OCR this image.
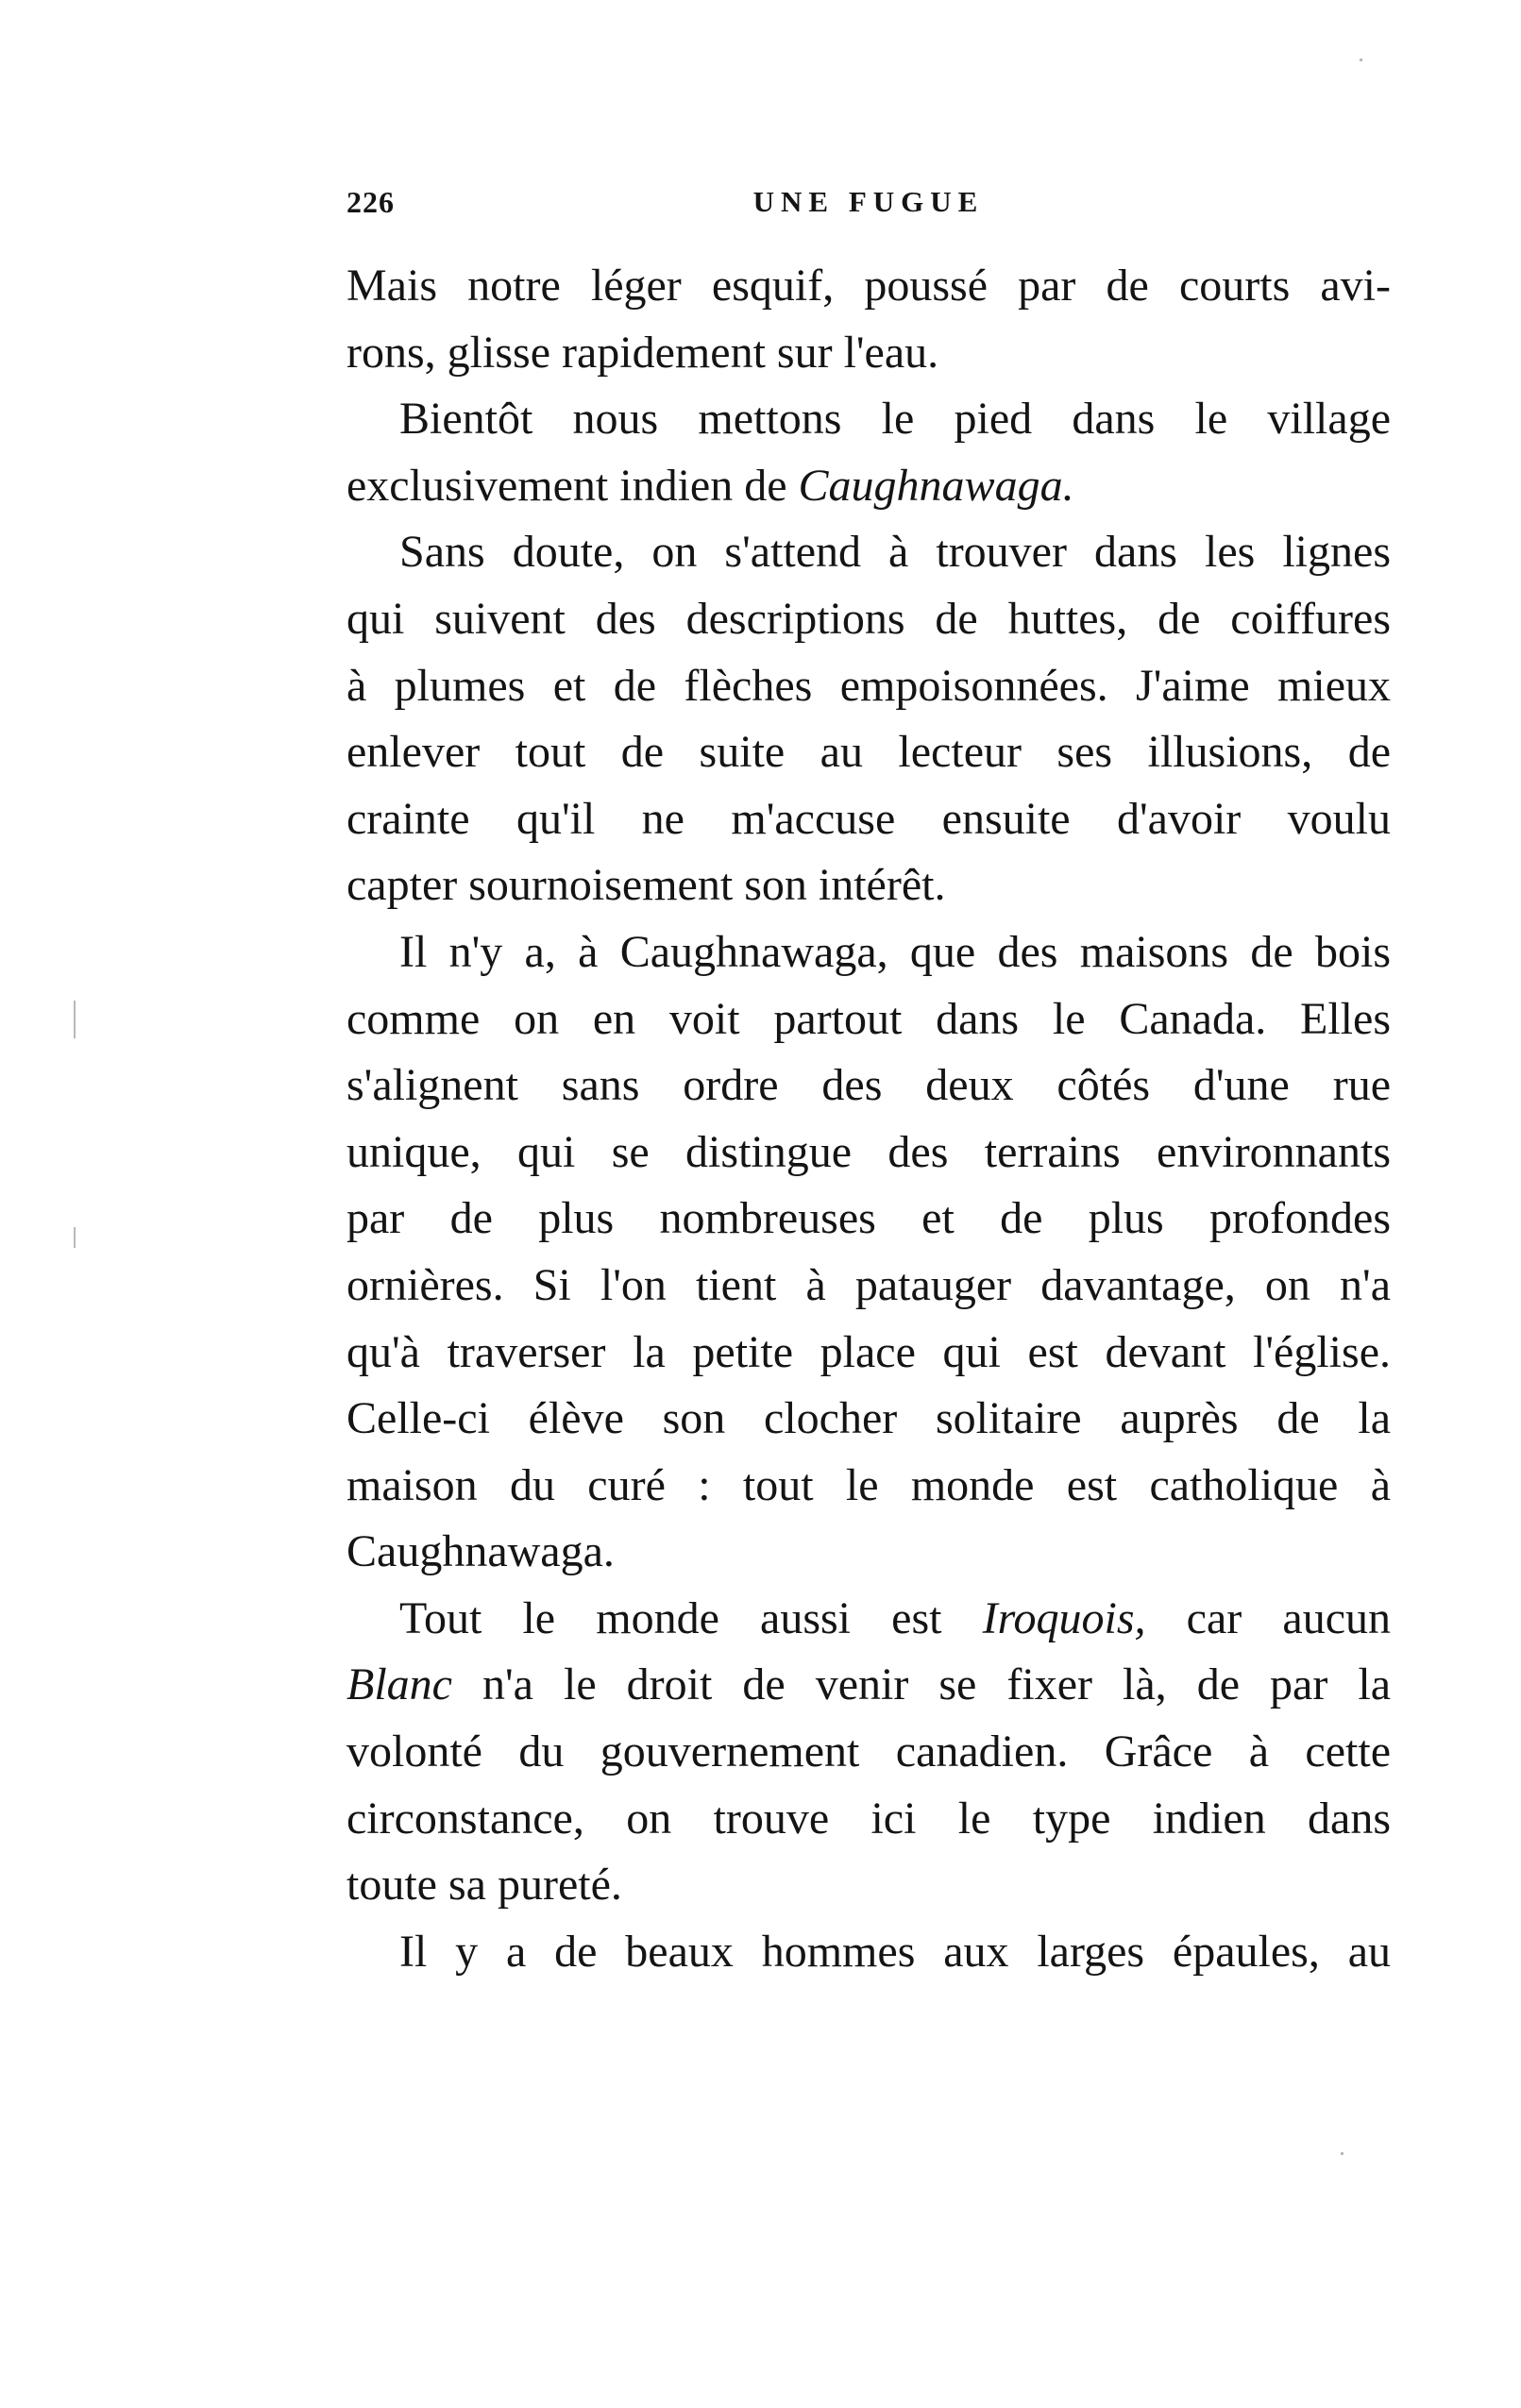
226	UNE FUGUE

Mais notre léger esquif, poussé par de courts avi-

rons, glisse rapidement sur l'eau.

Bientôt nous mettons le pied dans le village

exclusivement indien de Caughnawaga.

Sans doute, on s'attend à trouver dans les lignes

qui suivent des descriptions de huttes, de coiffures

à plumes et de flèches empoisonnées. J'aime mieux

enlever tout de suite au lecteur ses illusions, de

crainte qu'il ne m'accuse ensuite d'avoir voulu

capter sournoisement son intérêt.

Il n'y a, à Caughnawaga, que des maisons de bois

comme on en voit partout dans le Canada. Elles

s'alignent sans ordre des deux côtés d'une rue

unique, qui se distingue des terrains environnants

par de plus nombreuses et de plus profondes

ornières. Si l'on tient à patauger davantage, on n'a

qu'à traverser la petite place qui est devant l'église.

Celle-ci élève son clocher solitaire auprès de la

maison du curé : tout le monde est catholique à

Caughnawaga.

Tout le monde aussi est Iroquois, car aucun

Blanc n'a le droit de venir se fixer là, de par la

volonté du gouvernement canadien. Grâce à cette

circonstance, on trouve ici le type indien dans

toute sa pureté.

Il y a de beaux hommes aux larges épaules, au
